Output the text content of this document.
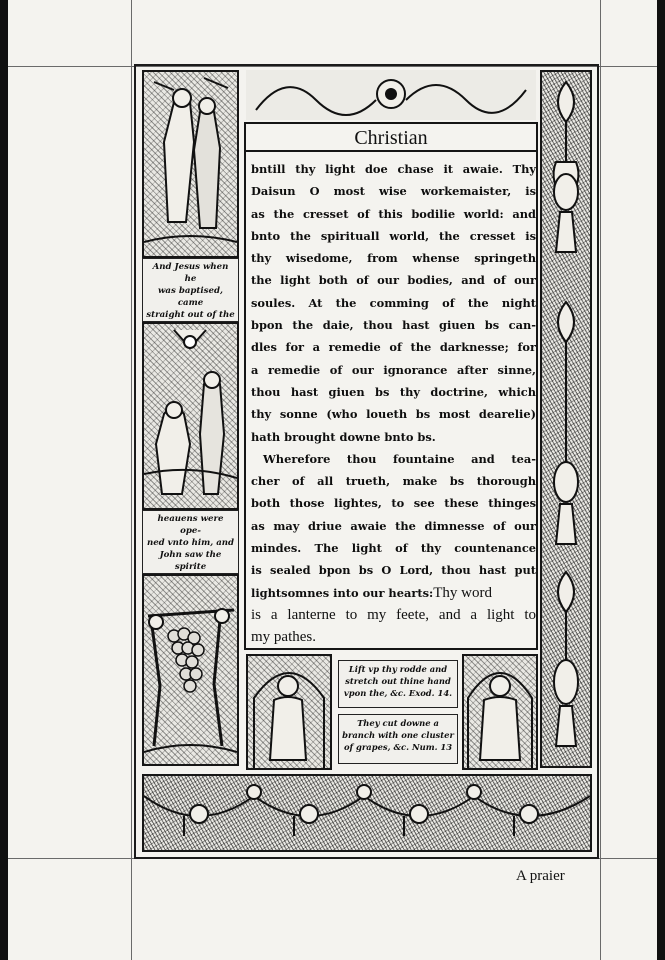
And Jesus when he
was baptised, came
straight out of the
heauens were ope-
ned vnto him, and
John saw the spirite
Christian
bntill thy light doe chase it awaie. Thy
Daisun O most wise workemaister, is
as the cresset of this bodilie world: and
bnto the spirituall world, the cresset is
thy wisedome, from whense springeth
the light both of our bodies, and of our
soules. At the comming of the night
bpon the daie, thou hast giuen bs can-
dles for a remedie of the darknesse; for
a remedie of our ignorance after sinne,
thou hast giuen bs thy doctrine, which
thy sonne (who loueth bs most dearelie)
hath brought downe bnto bs.
Wherefore thou fountaine and tea-
cher of all trueth, make bs thorough
both those lightes, to see these thinges
as may driue awaie the dimnesse of our
mindes. The light of thy countenance
is sealed bpon bs O Lord, thou hast put
lightsomnes into our hearts:Thy word
is a lanterne to my feete, and a light to
my pathes.
Lift vp thy rodde and
stretch out thine hand
vpon the, &c. Exod. 14.
They cut downe a
branch with one cluster
of grapes, &c. Num. 13
A praier
